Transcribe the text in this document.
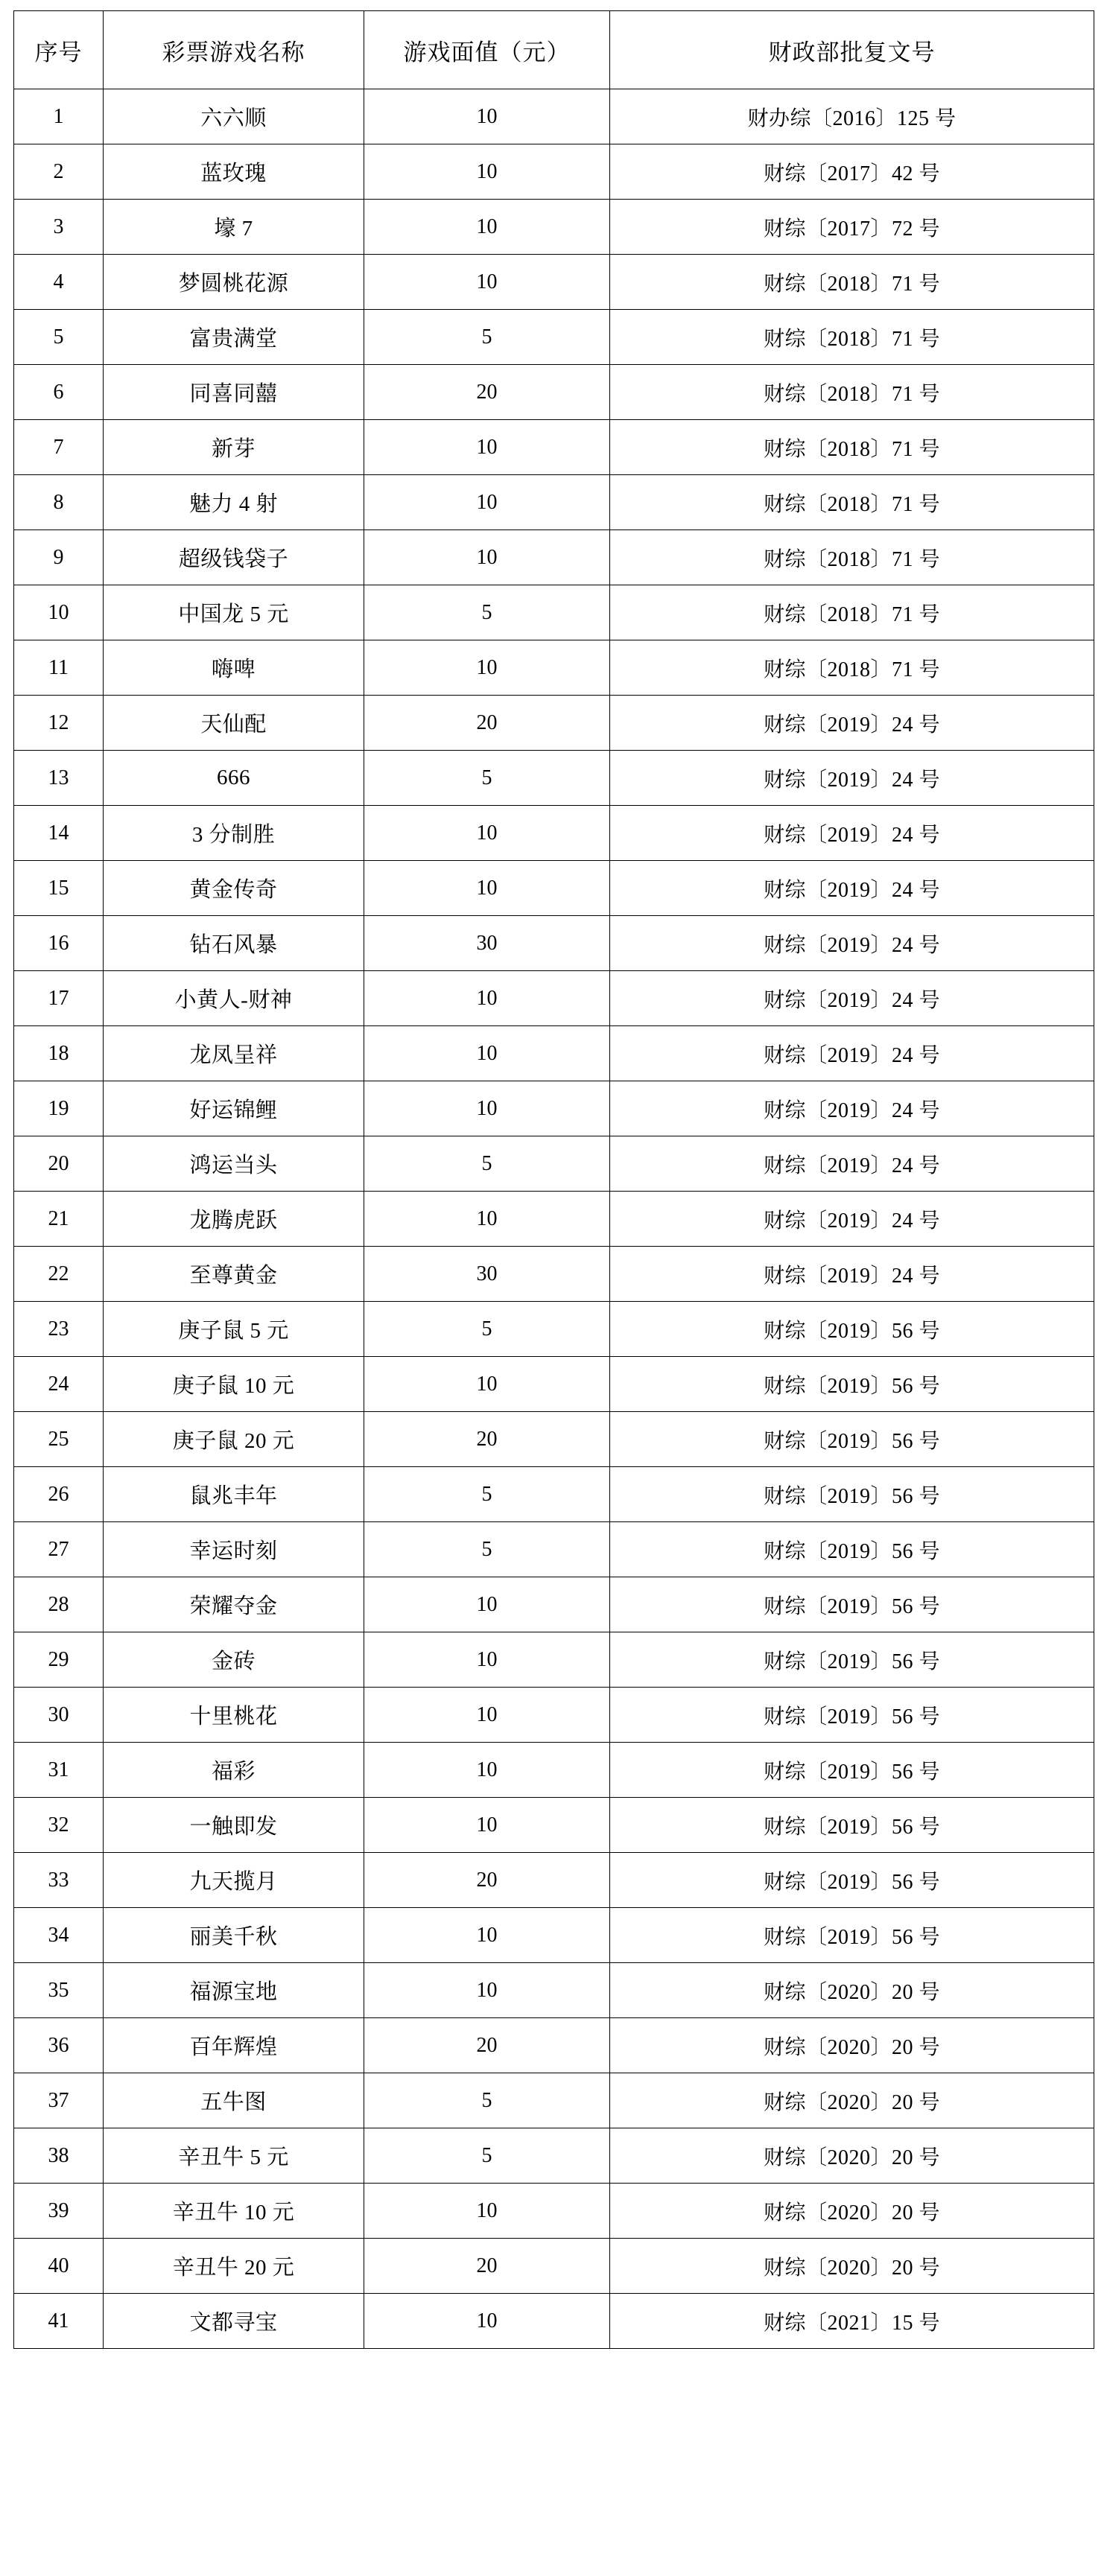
序号	彩票游戏名称	游戏面值（元）	财政部批复文号
1	六六顺	10	财办综〔2016〕125 号
2	蓝玫瑰	10	财综〔2017〕42 号
3	壕 7	10	财综〔2017〕72 号
4	梦圆桃花源	10	财综〔2018〕71 号
5	富贵满堂	5	财综〔2018〕71 号
6	同喜同囍	20	财综〔2018〕71 号
7	新芽	10	财综〔2018〕71 号
8	魅力 4 射	10	财综〔2018〕71 号
9	超级钱袋子	10	财综〔2018〕71 号
10	中国龙 5 元	5	财综〔2018〕71 号
11	嗨啤	10	财综〔2018〕71 号
12	天仙配	20	财综〔2019〕24 号
13	666	5	财综〔2019〕24 号
14	3 分制胜	10	财综〔2019〕24 号
15	黄金传奇	10	财综〔2019〕24 号
16	钻石风暴	30	财综〔2019〕24 号
17	小黄人-财神	10	财综〔2019〕24 号
18	龙凤呈祥	10	财综〔2019〕24 号
19	好运锦鲤	10	财综〔2019〕24 号
20	鸿运当头	5	财综〔2019〕24 号
21	龙腾虎跃	10	财综〔2019〕24 号
22	至尊黄金	30	财综〔2019〕24 号
23	庚子鼠 5 元	5	财综〔2019〕56 号
24	庚子鼠 10 元	10	财综〔2019〕56 号
25	庚子鼠 20 元	20	财综〔2019〕56 号
26	鼠兆丰年	5	财综〔2019〕56 号
27	幸运时刻	5	财综〔2019〕56 号
28	荣耀夺金	10	财综〔2019〕56 号
29	金砖	10	财综〔2019〕56 号
30	十里桃花	10	财综〔2019〕56 号
31	福彩	10	财综〔2019〕56 号
32	一触即发	10	财综〔2019〕56 号
33	九天揽月	20	财综〔2019〕56 号
34	丽美千秋	10	财综〔2019〕56 号
35	福源宝地	10	财综〔2020〕20 号
36	百年辉煌	20	财综〔2020〕20 号
37	五牛图	5	财综〔2020〕20 号
38	辛丑牛 5 元	5	财综〔2020〕20 号
39	辛丑牛 10 元	10	财综〔2020〕20 号
40	辛丑牛 20 元	20	财综〔2020〕20 号
41	文都寻宝	10	财综〔2021〕15 号
